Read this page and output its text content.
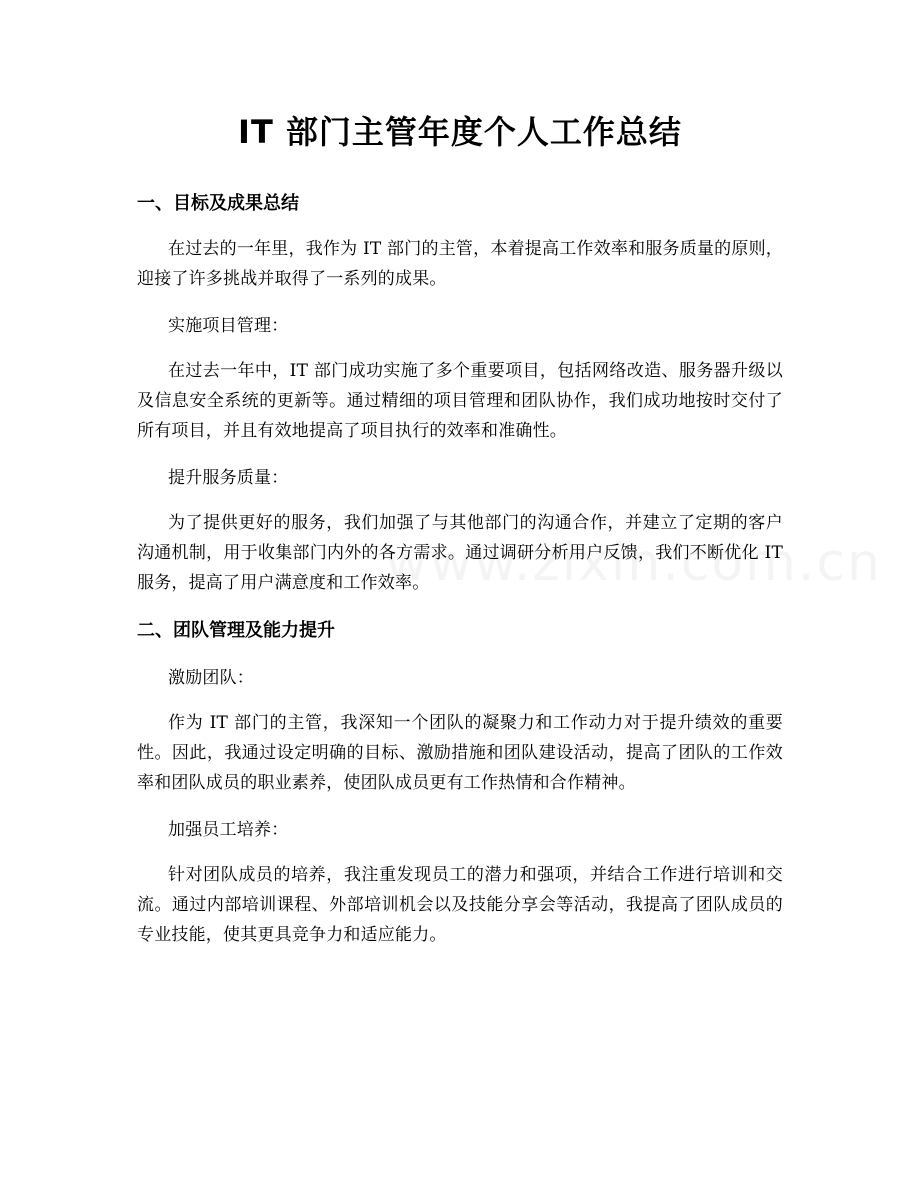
IT 部门主管年度个人工作总结
一、目标及成果总结

在过去的一年里，我作为 IT 部门的主管，本着提高工作效率和服务质量的原则，迎接了许多挑战并取得了一系列的成果。

实施项目管理：

在过去一年中，IT 部门成功实施了多个重要项目，包括网络改造、服务器升级以及信息安全系统的更新等。通过精细的项目管理和团队协作，我们成功地按时交付了所有项目，并且有效地提高了项目执行的效率和准确性。

提升服务质量：

为了提供更好的服务，我们加强了与其他部门的沟通合作，并建立了定期的客户沟通机制，用于收集部门内外的各方需求。通过调研分析用户反馈，我们不断优化 IT 服务，提高了用户满意度和工作效率。

二、团队管理及能力提升

激励团队：

作为 IT 部门的主管，我深知一个团队的凝聚力和工作动力对于提升绩效的重要性。因此，我通过设定明确的目标、激励措施和团队建设活动，提高了团队的工作效率和团队成员的职业素养，使团队成员更有工作热情和合作精神。

加强员工培养：

针对团队成员的培养，我注重发现员工的潜力和强项，并结合工作进行培训和交流。通过内部培训课程、外部培训机会以及技能分享会等活动，我提高了团队成员的专业技能，使其更具竞争力和适应能力。
